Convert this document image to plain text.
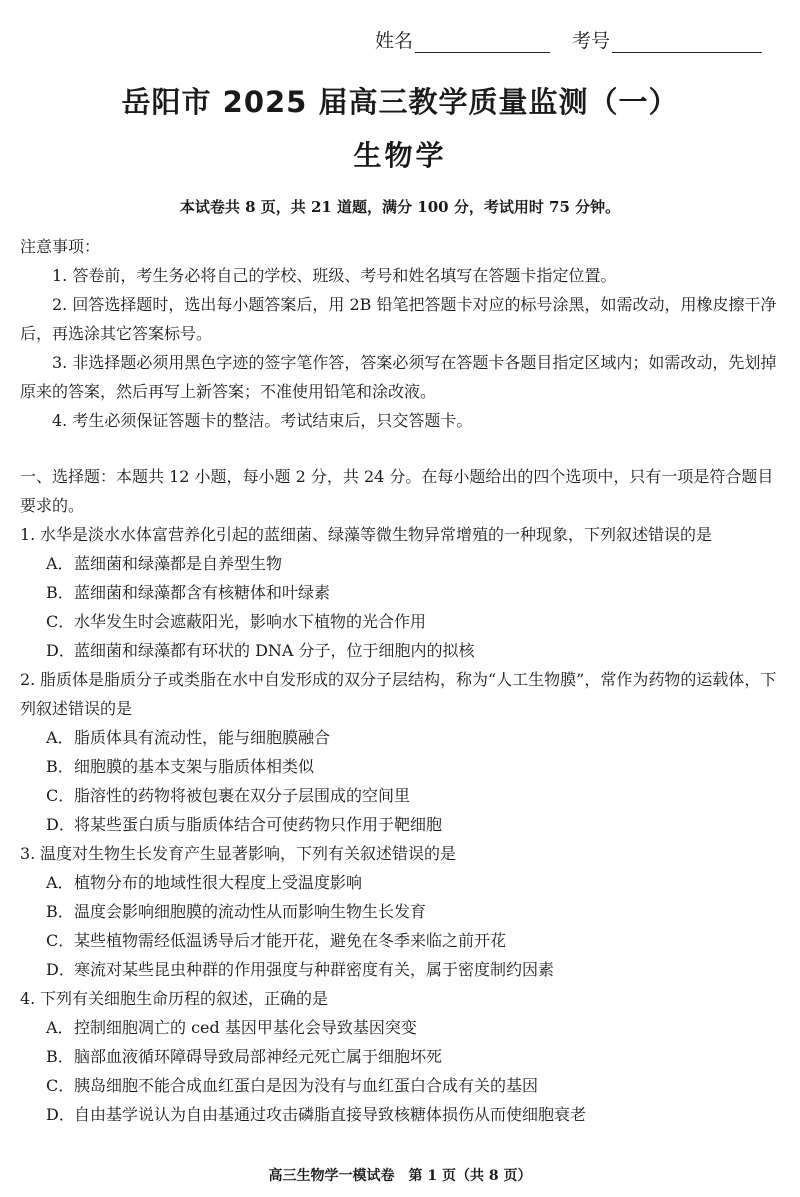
姓名	考号
岳阳市 2025 届高三教学质量监测（一）
生物学
本试卷共 8 页，共 21 道题，满分 100 分，考试用时 75 分钟。

注意事项：

1. 答卷前，考生务必将自己的学校、班级、考号和姓名填写在答题卡指定位置。

2. 回答选择题时，选出每小题答案后，用 2B 铅笔把答题卡对应的标号涂黑，如需改动，用橡皮擦干净后，再选涂其它答案标号。

3. 非选择题必须用黑色字迹的签字笔作答，答案必须写在答题卡各题目指定区域内；如需改动，先划掉原来的答案，然后再写上新答案；不准使用铅笔和涂改液。

4. 考生必须保证答题卡的整洁。考试结束后，只交答题卡。

一、选择题：本题共 12 小题，每小题 2 分，共 24 分。在每小题给出的四个选项中，只有一项是符合题目要求的。

1. 水华是淡水水体富营养化引起的蓝细菌、绿藻等微生物异常增殖的一种现象，下列叙述错误的是

A．蓝细菌和绿藻都是自养型生物

B．蓝细菌和绿藻都含有核糖体和叶绿素

C．水华发生时会遮蔽阳光，影响水下植物的光合作用

D．蓝细菌和绿藻都有环状的 DNA 分子，位于细胞内的拟核

2. 脂质体是脂质分子或类脂在水中自发形成的双分子层结构，称为“人工生物膜”，常作为药物的运载体，下列叙述错误的是

A．脂质体具有流动性，能与细胞膜融合

B．细胞膜的基本支架与脂质体相类似

C．脂溶性的药物将被包裹在双分子层围成的空间里

D．将某些蛋白质与脂质体结合可使药物只作用于靶细胞

3. 温度对生物生长发育产生显著影响，下列有关叙述错误的是

A．植物分布的地域性很大程度上受温度影响

B．温度会影响细胞膜的流动性从而影响生物生长发育

C．某些植物需经低温诱导后才能开花，避免在冬季来临之前开花

D．寒流对某些昆虫种群的作用强度与种群密度有关，属于密度制约因素

4. 下列有关细胞生命历程的叙述，正确的是

A．控制细胞凋亡的 ced 基因甲基化会导致基因突变

B．脑部血液循环障碍导致局部神经元死亡属于细胞坏死

C．胰岛细胞不能合成血红蛋白是因为没有与血红蛋白合成有关的基因

D．自由基学说认为自由基通过攻击磷脂直接导致核糖体损伤从而使细胞衰老

高三生物学一模试卷　第 1 页（共 8 页）
